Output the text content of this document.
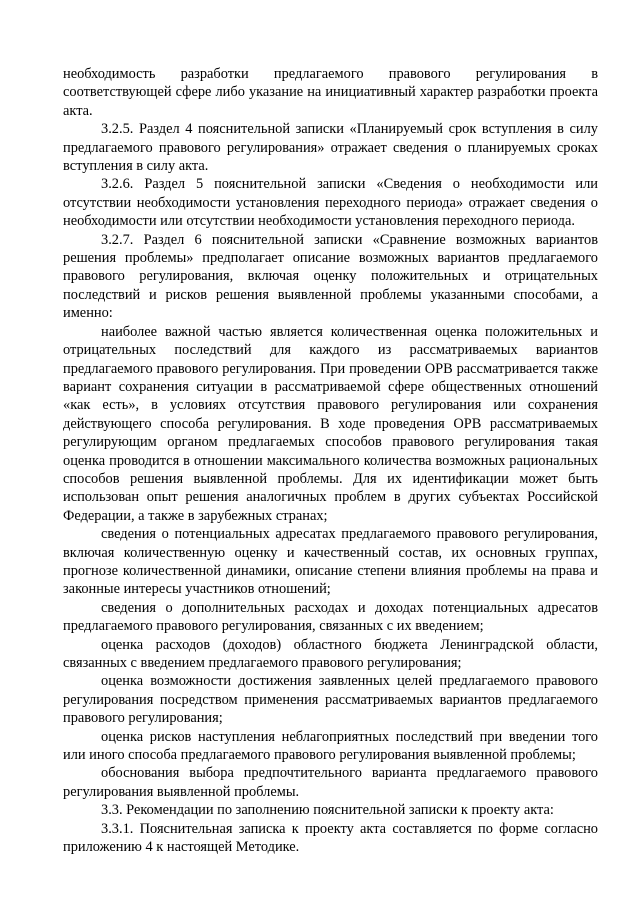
необходимость разработки предлагаемого правового регулирования в соответствующей сфере либо указание на инициативный характер разработки проекта акта.

3.2.5. Раздел 4 пояснительной записки «Планируемый срок вступления в силу предлагаемого правового регулирования» отражает сведения о планируемых сроках вступления в силу акта.

3.2.6. Раздел 5 пояснительной записки «Сведения о необходимости или отсутствии необходимости установления переходного периода» отражает сведения о необходимости или отсутствии необходимости установления переходного периода.

3.2.7. Раздел 6 пояснительной записки «Сравнение возможных вариантов решения проблемы» предполагает описание возможных вариантов предлагаемого правового регулирования, включая оценку положительных и отрицательных последствий и рисков решения выявленной проблемы указанными способами, а именно:

наиболее важной частью является количественная оценка положительных и отрицательных последствий для каждого из рассматриваемых вариантов предлагаемого правового регулирования. При проведении ОРВ рассматривается также вариант сохранения ситуации в рассматриваемой сфере общественных отношений «как есть», в условиях отсутствия правового регулирования или сохранения действующего способа регулирования. В ходе проведения ОРВ рассматриваемых регулирующим органом предлагаемых способов правового регулирования такая оценка проводится в отношении максимального количества возможных рациональных способов решения выявленной проблемы. Для их идентификации может быть использован опыт решения аналогичных проблем в других субъектах Российской Федерации, а также в зарубежных странах;

сведения о потенциальных адресатах предлагаемого правового регулирования, включая количественную оценку и качественный состав, их основных группах, прогнозе количественной динамики, описание степени влияния проблемы на права и законные интересы участников отношений;

сведения о дополнительных расходах и доходах потенциальных адресатов предлагаемого правового регулирования, связанных с их введением;

оценка расходов (доходов) областного бюджета Ленинградской области, связанных с введением предлагаемого правового регулирования;

оценка возможности достижения заявленных целей предлагаемого правового регулирования посредством применения рассматриваемых вариантов предлагаемого правового регулирования;

оценка рисков наступления неблагоприятных последствий при введении того или иного способа предлагаемого правового регулирования выявленной проблемы;

обоснования выбора предпочтительного варианта предлагаемого правового регулирования выявленной проблемы.

3.3. Рекомендации по заполнению пояснительной записки к проекту акта:

3.3.1. Пояснительная записка к проекту акта составляется по форме согласно приложению 4 к настоящей Методике.
